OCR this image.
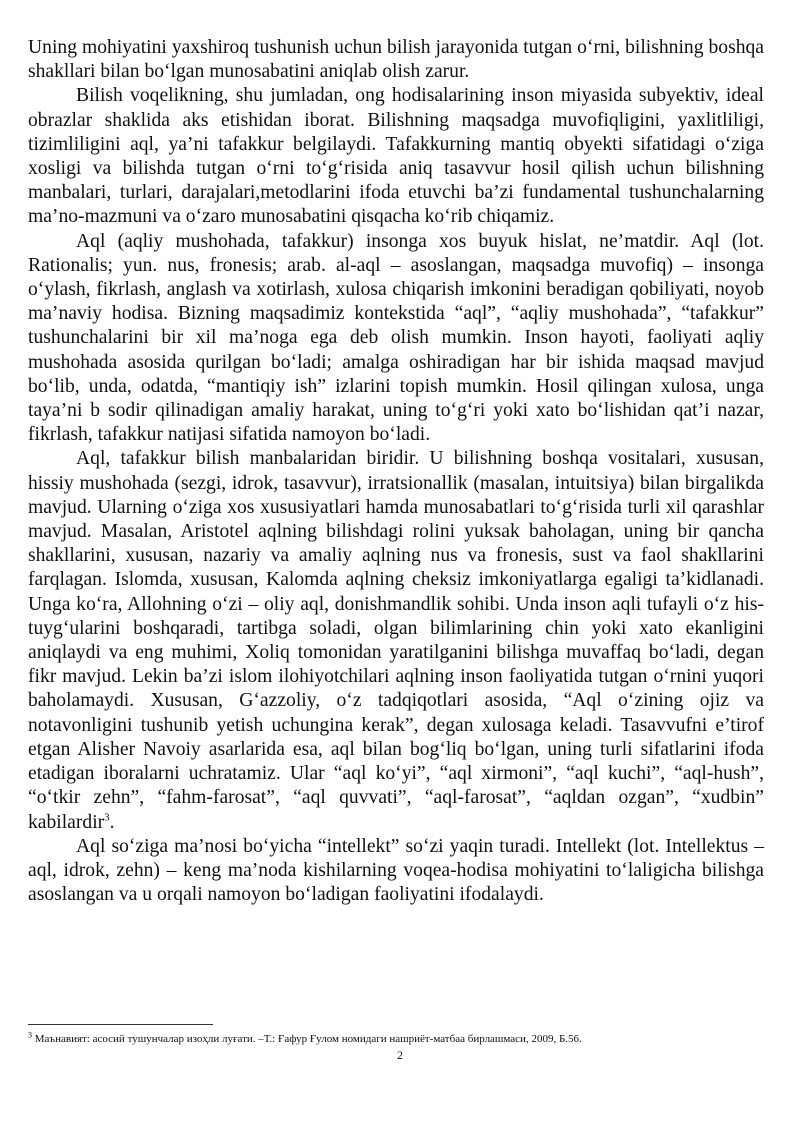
Uning mohiyatini yaxshiroq tushunish uchun bilish jarayonida tutgan o‘rni, bilishning boshqa shakllari bilan bo‘lgan munosabatini aniqlab olish zarur.

Bilish voqelikning, shu jumladan, ong hodisalarining inson miyasida subyektiv, ideal obrazlar shaklida aks etishidan iborat. Bilishning maqsadga muvofiqligini, yaxlitliligi, tizimliligini aql, ya’ni tafakkur belgilaydi. Tafakkurning mantiq obyekti sifatidagi o‘ziga xosligi va bilishda tutgan o‘rni to‘g‘risida aniq tasavvur hosil qilish uchun bilishning manbalari, turlari, darajalari,metodlarini ifoda etuvchi ba’zi fundamental tushunchalarning ma’no-mazmuni va o‘zaro munosabatini qisqacha ko‘rib chiqamiz.

Aql (aqliy mushohada, tafakkur) insonga xos buyuk hislat, ne’matdir. Aql (lot. Rationalis; yun. nus, fronesis; arab. al-aql – asoslangan, maqsadga muvofiq) – insonga o‘ylash, fikrlash, anglash va xotirlash, xulosa chiqarish imkonini beradigan qobiliyati, noyob ma’naviy hodisa. Bizning maqsadimiz kontekstida “aql”, “aqliy mushohada”, “tafakkur” tushunchalarini bir xil ma’noga ega deb olish mumkin. Inson hayoti, faoliyati aqliy mushohada asosida qurilgan bo‘ladi; amalga oshiradigan har bir ishida maqsad mavjud bo‘lib, unda, odatda, “mantiqiy ish” izlarini topish mumkin. Hosil qilingan xulosa, unga taya’ni b sodir qilinadigan amaliy harakat, uning to‘g‘ri yoki xato bo‘lishidan qat’i nazar, fikrlash, tafakkur natijasi sifatida namoyon bo‘ladi.

Aql, tafakkur bilish manbalaridan biridir. U bilishning boshqa vositalari, xususan, hissiy mushohada (sezgi, idrok, tasavvur), irratsionallik (masalan, intuitsiya) bilan birgalikda mavjud. Ularning o‘ziga xos xususiyatlari hamda munosabatlari to‘g‘risida turli xil qarashlar mavjud. Masalan, Aristotel aqlning bilishdagi rolini yuksak baholagan, uning bir qancha shakllarini, xususan, nazariy va amaliy aqlning nus va fronesis, sust va faol shakllarini farqlagan. Islomda, xususan, Kalomda aqlning cheksiz imkoniyatlarga egaligi ta’kidlanadi. Unga ko‘ra, Allohning o‘zi – oliy aql, donishmandlik sohibi. Unda inson aqli tufayli o‘z his-tuyg‘ularini boshqaradi, tartibga soladi, olgan bilimlarining chin yoki xato ekanligini aniqlaydi va eng muhimi, Xoliq tomonidan yaratilganini bilishga muvaffaq bo‘ladi, degan fikr mavjud. Lekin ba’zi islom ilohiyotchilari aqlning inson faoliyatida tutgan o‘rnini yuqori baholamaydi. Xususan, G‘azzoliy, o‘z tadqiqotlari asosida, “Aql o‘zining ojiz va notavonligini tushunib yetish uchungina kerak”, degan xulosaga keladi. Tasavvufni e’tirof etgan Alisher Navoiy asarlarida esa, aql bilan bog‘liq bo‘lgan, uning turli sifatlarini ifoda etadigan iboralarni uchratamiz. Ular “aql ko‘yi”, “aql xirmoni”, “aql kuchi”, “aql-hush”, “o‘tkir zehn”, “fahm-farosat”, “aql quvvati”, “aql-farosat”, “aqldan ozgan”, “xudbin” kabilardir$^3$.

Aql so‘ziga ma’nosi bo‘yicha “intellekt” so‘zi yaqin turadi. Intellekt (lot. Intellektus – aql, idrok, zehn) – keng ma’noda kishilarning voqea-hodisa mohiyatini to‘laligicha bilishga asoslangan va u orqali namoyon bo‘ladigan faoliyatini ifodalaydi.

$^3$ Маънавият: асосий тушунчалар изоҳли луғати. –Т.: Ғафур Ғулом номидаги нашриёт-матбаа бирлашмаси, 2009, Б.56.
2
